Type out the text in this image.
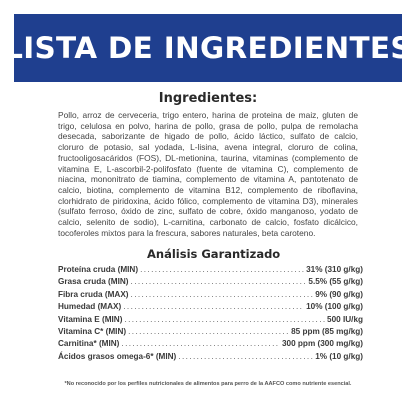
LISTA DE INGREDIENTES
Ingredientes:

Pollo, arroz de cerveceria, trigo entero, harina de proteina de maiz, gluten de trigo, celulosa en polvo, harina de pollo, grasa de pollo, pulpa de remolacha desecada, saborizante de higado de pollo, ácido láctico, sulfato de calcio, cloruro de potasio, sal yodada, L-lisina, avena integral, cloruro de colina, fructooligosacáridos (FOS), DL-metionina, taurina, vitaminas (complemento de vitamina E, L-ascorbil-2-polifosfato (fuente de vitamina C), complemento de niacina, mononitrato de tiamina, complemento de vitamina A, pantotenato de calcio, biotina, complemento de vitamina B12, complemento de riboflavina, clorhidrato de piridoxina, ácido fólico, complemento de vitamina D3), minerales (sulfato ferroso, óxido de zinc, sulfato de cobre, óxido manganoso, yodato de calcio, selenito de sodio), L-carnitina, carbonato de calcio, fosfato dicálcico, tocoferoles mixtos para la frescura, sabores naturales, beta caroteno.

Análisis Garantizado
Proteína cruda (MIN) .....	31% (310 g/kg)
Grasa cruda (MIN) .....	5.5% (55 g/kg)
Fibra cruda (MAX) .....	9% (90 g/kg)
Humedad (MAX) .....	10% (100 g/kg)
Vitamina E (MIN) .....	500 IU/kg
Vitamina C* (MIN) .....	85 ppm (85 mg/kg)
Carnitina* (MIN) .....	300 ppm (300 mg/kg)
Ácidos grasos omega-6* (MIN) .....	1% (10 g/kg)
*No reconocido por los perfiles nutricionales de alimentos para perro de la AAFCO como nutriente esencial.
